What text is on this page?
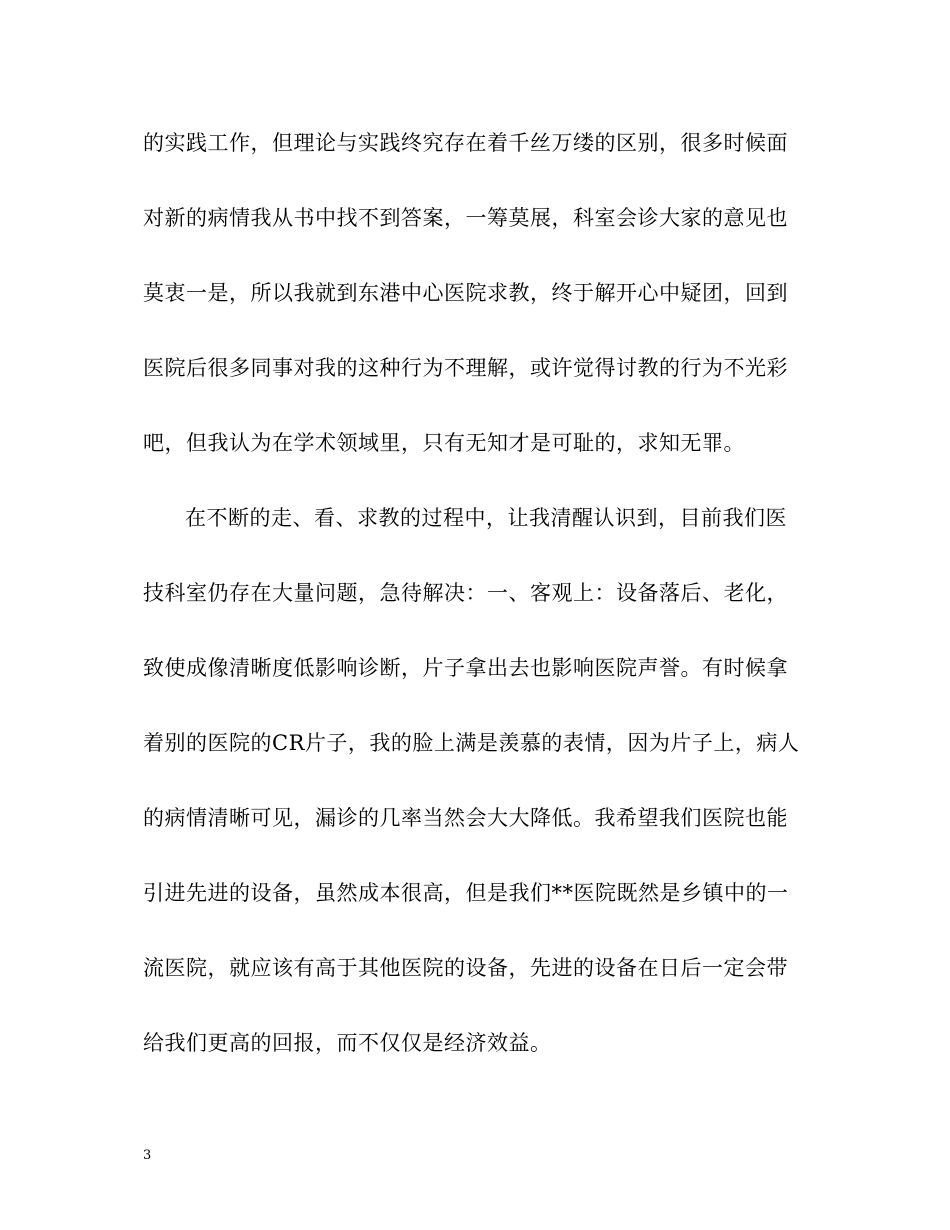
的实践工作，但理论与实践终究存在着千丝万缕的区别，很多时候面
对新的病情我从书中找不到答案，一筹莫展，科室会诊大家的意见也
莫衷一是，所以我就到东港中心医院求教，终于解开心中疑团，回到
医院后很多同事对我的这种行为不理解，或许觉得讨教的行为不光彩
吧，但我认为在学术领域里，只有无知才是可耻的，求知无罪。
在不断的走、看、求教的过程中，让我清醒认识到，目前我们医
技科室仍存在大量问题，急待解决：一、客观上：设备落后、老化，
致使成像清晰度低影响诊断，片子拿出去也影响医院声誉。有时候拿
着别的医院的CR片子，我的脸上满是羡慕的表情，因为片子上，病人
的病情清晰可见，漏诊的几率当然会大大降低。我希望我们医院也能
引进先进的设备，虽然成本很高，但是我们**医院既然是乡镇中的一
流医院，就应该有高于其他医院的设备，先进的设备在日后一定会带
给我们更高的回报，而不仅仅是经济效益。
3
